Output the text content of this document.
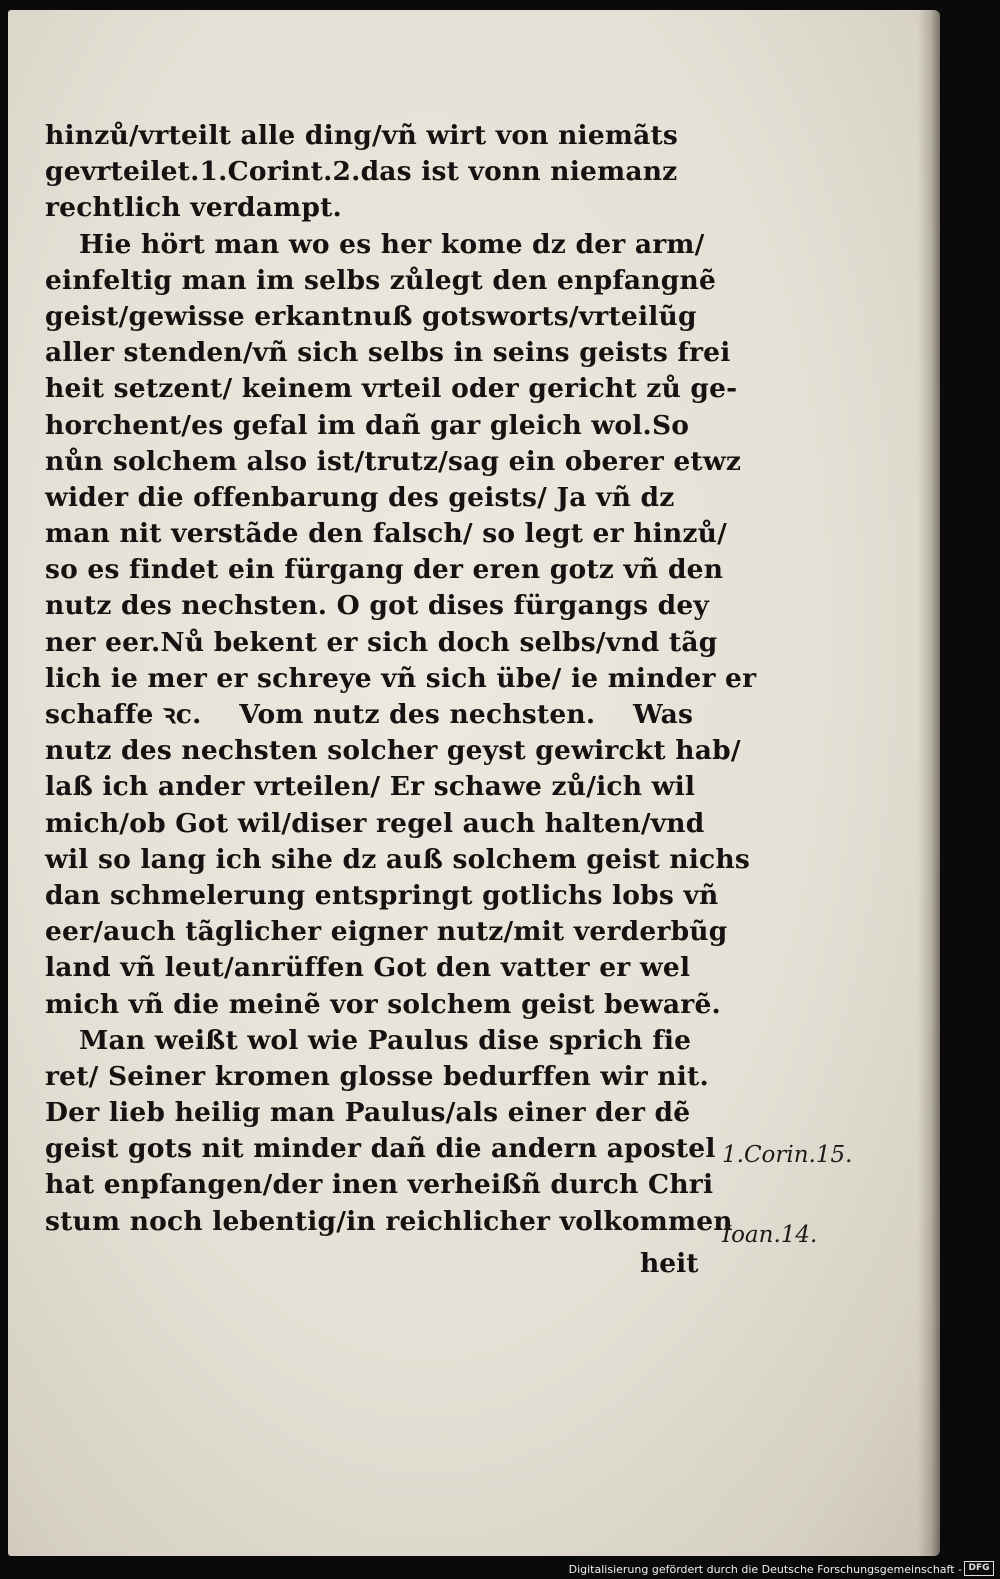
hinzů/vrteilt alle ding/vñ wirt von niemãts
gevrteilet.1.Corint.2.das ist vonn niemanz
rechtlich verdampt.
Hie hört man wo es her kome dz der arm/
einfeltig man im selbs zůlegt den enpfangnẽ
geist/gewisse erkantnuß gotsworts/vrteilũg
aller stenden/vñ sich selbs in seins geists frei
heit setzent/ keinem vrteil oder gericht zů ge-
horchent/es gefal im dañ gar gleich wol.So
nůn solchem also ist/trutz/sag ein oberer etwz
wider die offenbarung des geists/ Ja vñ dz
man nit verstãde den falsch/ so legt er hinzů/
so es findet ein fürgang der eren gotz vñ den
nutz des nechsten. O got dises fürgangs dey
ner eer.Nů bekent er sich doch selbs/vnd tãg
lich ie mer er schreye vñ sich übe/ ie minder er
schaffe ꝛc.    Vom nutz des nechsten.    Was
nutz des nechsten solcher geyst gewirckt hab/
laß ich ander vrteilen/ Er schawe zů/ich wil
mich/ob Got wil/diser regel auch halten/vnd
wil so lang ich sihe dz auß solchem geist nichs
dan schmelerung entspringt gotlichs lobs vñ
eer/auch tãglicher eigner nutz/mit verderbũg
land vñ leut/anrüffen Got den vatter er wel
mich vñ die meinẽ vor solchem geist bewarẽ.
Man weißt wol wie Paulus dise sprich fie
ret/ Seiner kromen glosse bedurffen wir nit.
Der lieb heilig man Paulus/als einer der dẽ
geist gots nit minder dañ die andern apostel
hat enpfangen/der inen verheißñ durch Chri
stum noch lebentig/in reichlicher volkommen
heit
1.Corin.15.
Ioan.14.
Digitalisierung gefördert durch die Deutsche Forschungsgemeinschaft - DFG
